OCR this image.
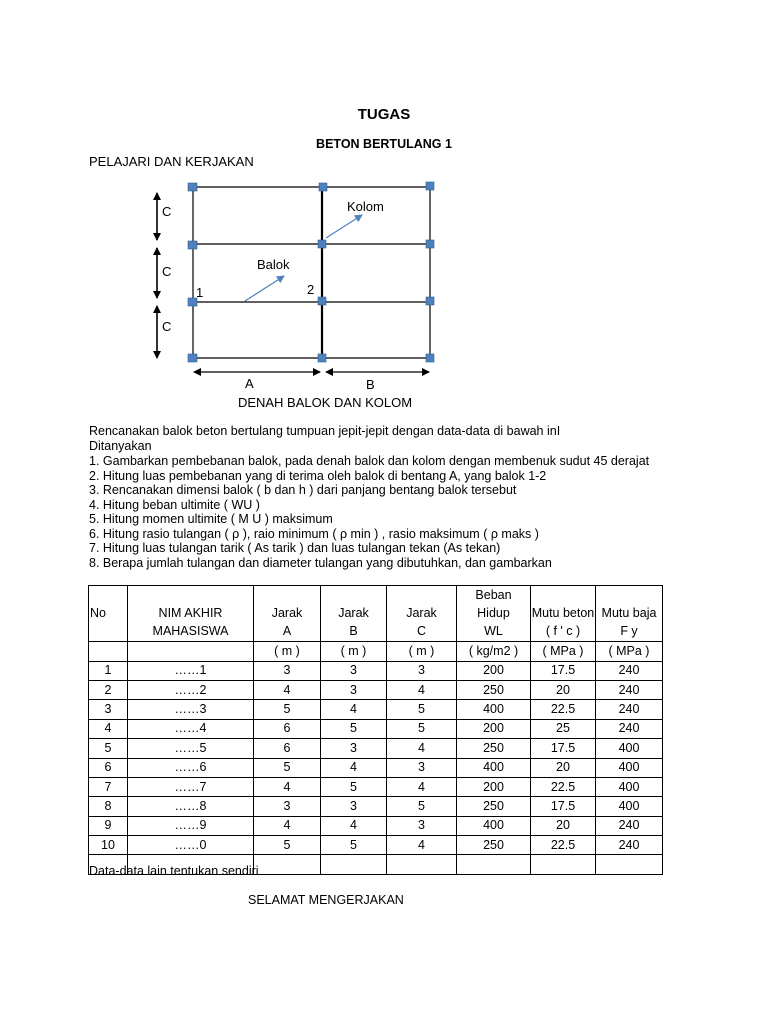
TUGAS
BETON BERTULANG 1
PELAJARI DAN KERJAKAN
Kolom
Balok
1	2
C
C
C
A	B
DENAH BALOK DAN KOLOM
Rencanakan balok beton bertulang tumpuan jepit-jepit dengan data-data di bawah inI
Ditanyakan
1. Gambarkan pembebanan balok, pada denah balok dan kolom dengan membenuk sudut 45 derajat
2. Hitung luas pembebanan yang di terima oleh balok di bentang A, yang balok 1-2
3. Rencanakan dimensi balok ( b dan h ) dari panjang bentang balok tersebut
4. Hitung beban ultimite ( WU )
5. Hitung momen ultimite ( M U ) maksimum
6. Hitung rasio tulangan ( ρ ), raio minimum ( ρ min ) , rasio maksimum ( ρ maks )
7. Hitung luas tulangan tarik ( As tarik ) dan luas tulangan tekan (As tekan)
8. Berapa jumlah tulangan dan diameter tulangan yang dibutuhkan, dan gambarkan
					Beban		
No	NIM AKHIR	Jarak	Jarak	Jarak	Hidup	Mutu beton	Mutu baja
	MAHASISWA	A	B	C	WL	( f ' c )	F y
		( m )	( m )	( m )	( kg/m2 )	( MPa )	( MPa )
1	……1	3	3	3	200	17.5	240
2	……2	4	3	4	250	20	240
3	……3	5	4	5	400	22.5	240
4	……4	6	5	5	200	25	240
5	……5	6	3	4	250	17.5	400
6	……6	5	4	3	400	20	400
7	……7	4	5	4	200	22.5	400
8	……8	3	3	5	250	17.5	400
9	……9	4	4	3	400	20	240
10	……0	5	5	4	250	22.5	240

Data-data lain tentukan sendiri
SELAMAT MENGERJAKAN
